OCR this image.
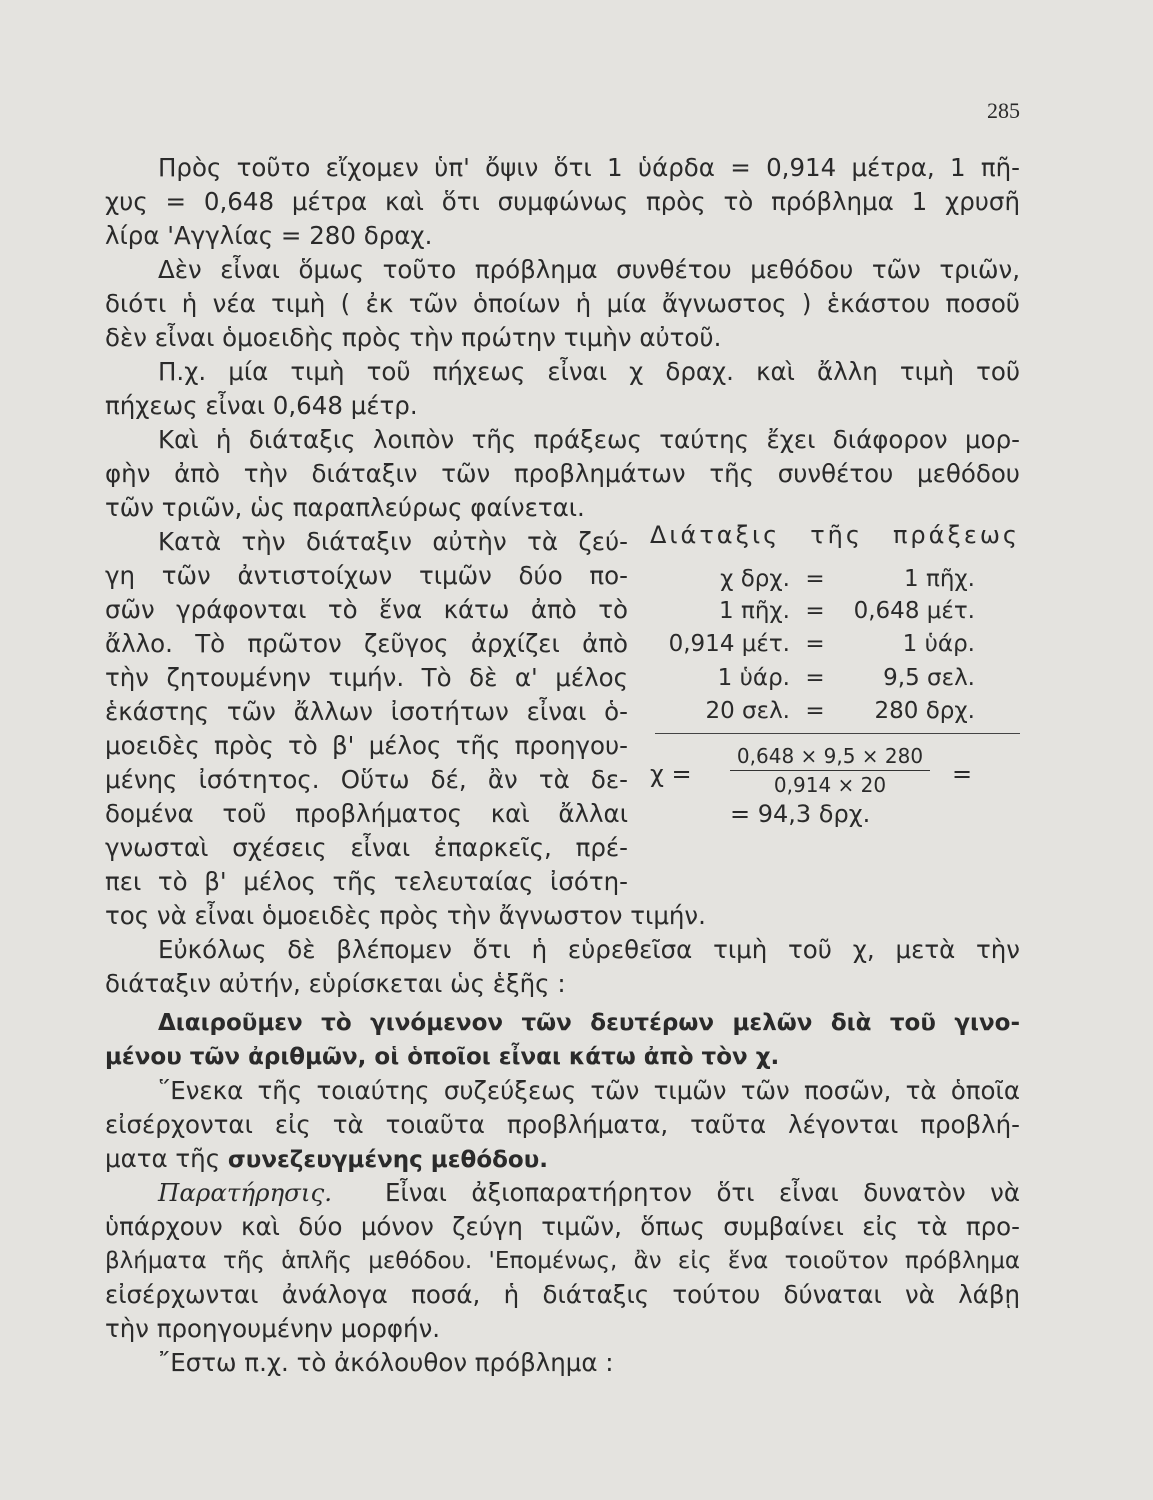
285
Πρὸς τοῦτο εἴχομεν ὑπ' ὄψιν ὅτι 1 ὑάρδα = 0,914 μέτρα, 1 πῆ-
χυς = 0,648 μέτρα καὶ ὅτι συμφώνως πρὸς τὸ πρόβλημα 1 χρυσῆ
λίρα 'Αγγλίας = 280 δραχ.
Δὲν εἶναι ὅμως τοῦτο πρόβλημα συνθέτου μεθόδου τῶν τριῶν,
διότι ἡ νέα τιμὴ ( ἐκ τῶν ὁποίων ἡ μία ἄγνωστος ) ἑκάστου ποσοῦ
δὲν εἶναι ὁμοειδὴς πρὸς τὴν πρώτην τιμὴν αὐτοῦ.
Π.χ. μία τιμὴ τοῦ πήχεως εἶναι χ δραχ. καὶ ἄλλη τιμὴ τοῦ
πήχεως εἶναι 0,648 μέτρ.
Καὶ ἡ διάταξις λοιπὸν τῆς πράξεως ταύτης ἔχει διάφορον μορ-
φὴν ἀπὸ τὴν διάταξιν τῶν προβλημάτων τῆς συνθέτου μεθόδου
τῶν τριῶν, ὡς παραπλεύρως φαίνεται.
Κατὰ τὴν διάταξιν αὐτὴν τὰ ζεύ-
γη τῶν ἀντιστοίχων τιμῶν δύο πο-
σῶν γράφονται τὸ ἕνα κάτω ἀπὸ τὸ
ἄλλο. Τὸ πρῶτον ζεῦγος ἀρχίζει ἀπὸ
τὴν ζητουμένην τιμήν. Τὸ δὲ α' μέλος
ἑκάστης τῶν ἄλλων ἰσοτήτων εἶναι ὁ-
μοειδὲς πρὸς τὸ β' μέλος τῆς προηγου-
μένης ἰσότητος. Οὕτω δέ, ἂν τὰ δε-
δομένα τοῦ προβλήματος καὶ ἄλλαι
γνωσταὶ σχέσεις εἶναι ἐπαρκεῖς, πρέ-
πει τὸ β' μέλος τῆς τελευταίας ἰσότη-
Διάταξις τῆς πράξεως
χ δρχ. =	1 πῆχ.
1 πῆχ. =	0,648 μέτ.
0,914 μέτ. =	1 ὑάρ.
1 ὑάρ. =	9,5 σελ.
20 σελ. =	280 δρχ.
χ =
0,648 × 9,5 × 280
0,914 × 20	=
= 94,3 δρχ.
τος νὰ εἶναι ὁμοειδὲς πρὸς τὴν ἄγνωστον τιμήν.
Εὐκόλως δὲ βλέπομεν ὅτι ἡ εὑρεθεῖσα τιμὴ τοῦ χ, μετὰ τὴν
διάταξιν αὐτήν, εὑρίσκεται ὡς ἑξῆς :
Διαιροῦμεν τὸ γινόμενον τῶν δευτέρων μελῶν διὰ τοῦ γινο-
μένου τῶν ἀριθμῶν, οἱ ὁποῖοι εἶναι κάτω ἀπὸ τὸν χ.
῞Ενεκα τῆς τοιαύτης συζεύξεως τῶν τιμῶν τῶν ποσῶν, τὰ ὁποῖα
εἰσέρχονται εἰς τὰ τοιαῦτα προβλήματα, ταῦτα λέγονται προβλή-
ματα τῆς συνεζευγμένης μεθόδου.
Παρατήρησις. Εἶναι ἀξιοπαρατήρητον ὅτι εἶναι δυνατὸν νὰ
ὑπάρχουν καὶ δύο μόνον ζεύγη τιμῶν, ὅπως συμβαίνει εἰς τὰ προ-
βλήματα τῆς ἁπλῆς μεθόδου. 'Επομένως, ἂν εἰς ἕνα τοιοῦτον πρόβλημα
εἰσέρχωνται ἀνάλογα ποσά, ἡ διάταξις τούτου δύναται νὰ λάβῃ
τὴν προηγουμένην μορφήν.
῎Εστω π.χ. τὸ ἀκόλουθον πρόβλημα :
